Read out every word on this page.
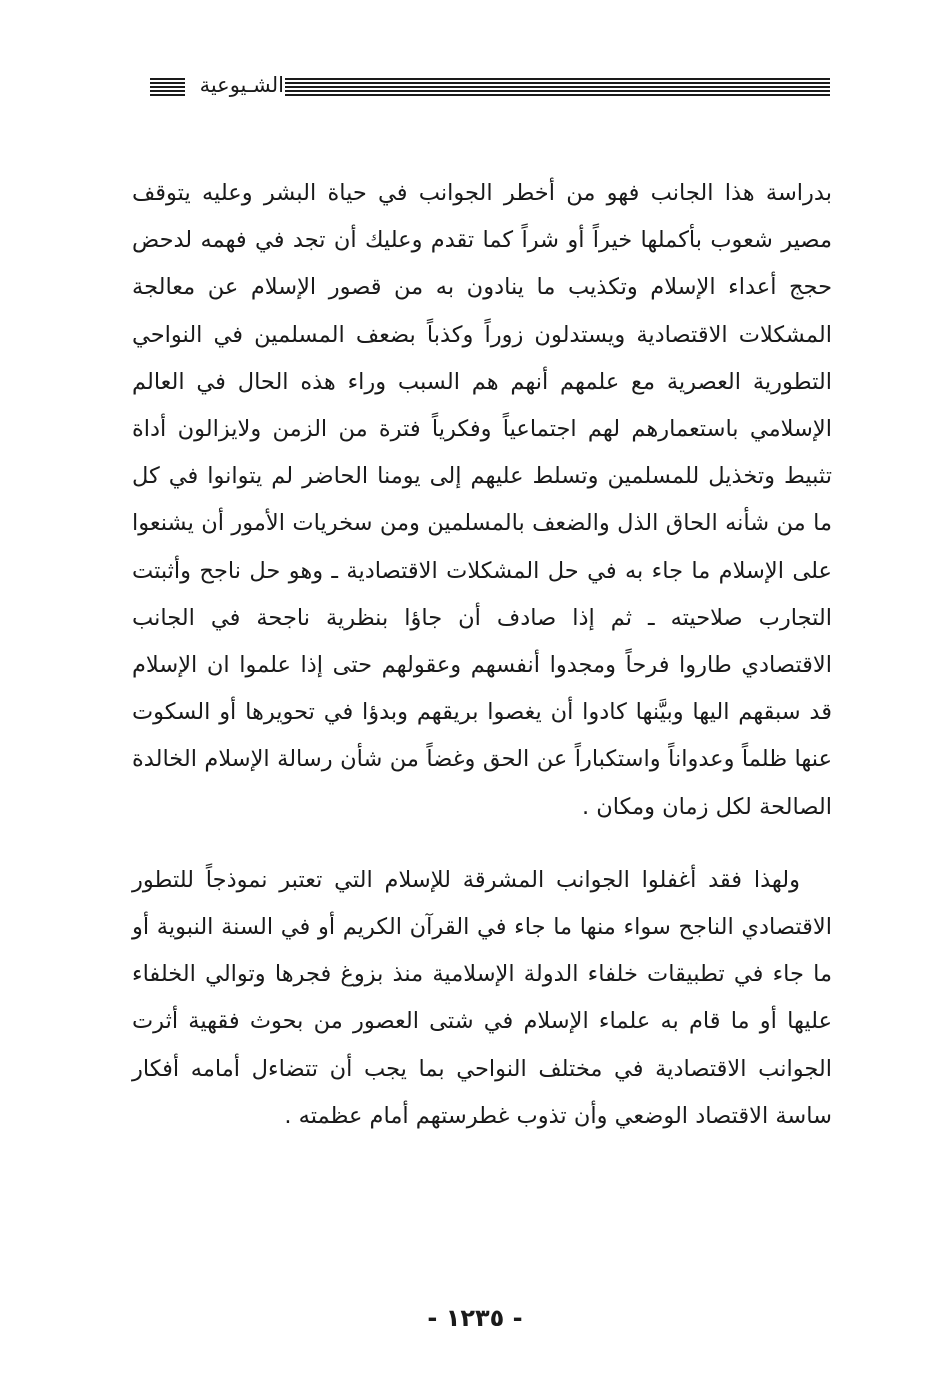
الشـيوعية

بدراسة هذا الجانب فهو من أخطر الجوانب في حياة البشر وعليه يتوقف مصير شعوب بأكملها خيراً أو شراً كما تقدم وعليك أن تجد في فهمه لدحض حجج أعداء الإسلام وتكذيب ما ينادون به من قصور الإسلام عن معالجة المشكلات الاقتصادية ويستدلون زوراً وكذباً بضعف المسلمين في النواحي التطورية العصرية مع علمهم أنهم هم السبب وراء هذه الحال في العالم الإسلامي باستعمارهم لهم اجتماعياً وفكرياً فترة من الزمن ولايزالون أداة تثبيط وتخذيل للمسلمين وتسلط عليهم إلى يومنا الحاضر لم يتوانوا في كل ما من شأنه الحاق الذل والضعف بالمسلمين ومن سخريات الأمور أن يشنعوا على الإسلام ما جاء به في حل المشكلات الاقتصادية ـ وهو حل ناجح وأثبتت التجارب صلاحيته ـ ثم إذا صادف أن جاؤا بنظرية ناجحة في الجانب الاقتصادي طاروا فرحاً ومجدوا أنفسهم وعقولهم حتى إذا علموا ان الإسلام قد سبقهم اليها وبيَّنها كادوا أن يغصوا بريقهم وبدؤا في تحويرها أو السكوت عنها ظلماً وعدواناً واستكباراً عن الحق وغضاً من شأن رسالة الإسلام الخالدة الصالحة لكل زمان ومكان .

ولهذا فقد أغفلوا الجوانب المشرقة للإسلام التي تعتبر نموذجاً للتطور الاقتصادي الناجح سواء منها ما جاء في القرآن الكريم أو في السنة النبوية أو ما جاء في تطبيقات خلفاء الدولة الإسلامية منذ بزوغ فجرها وتوالي الخلفاء عليها أو ما قام به علماء الإسلام في شتى العصور من بحوث فقهية أثرت الجوانب الاقتصادية في مختلف النواحي بما يجب أن تتضاءل أمامه أفكار ساسة الاقتصاد الوضعي وأن تذوب غطرستهم أمام عظمته .

- ١٢٣٥ -
